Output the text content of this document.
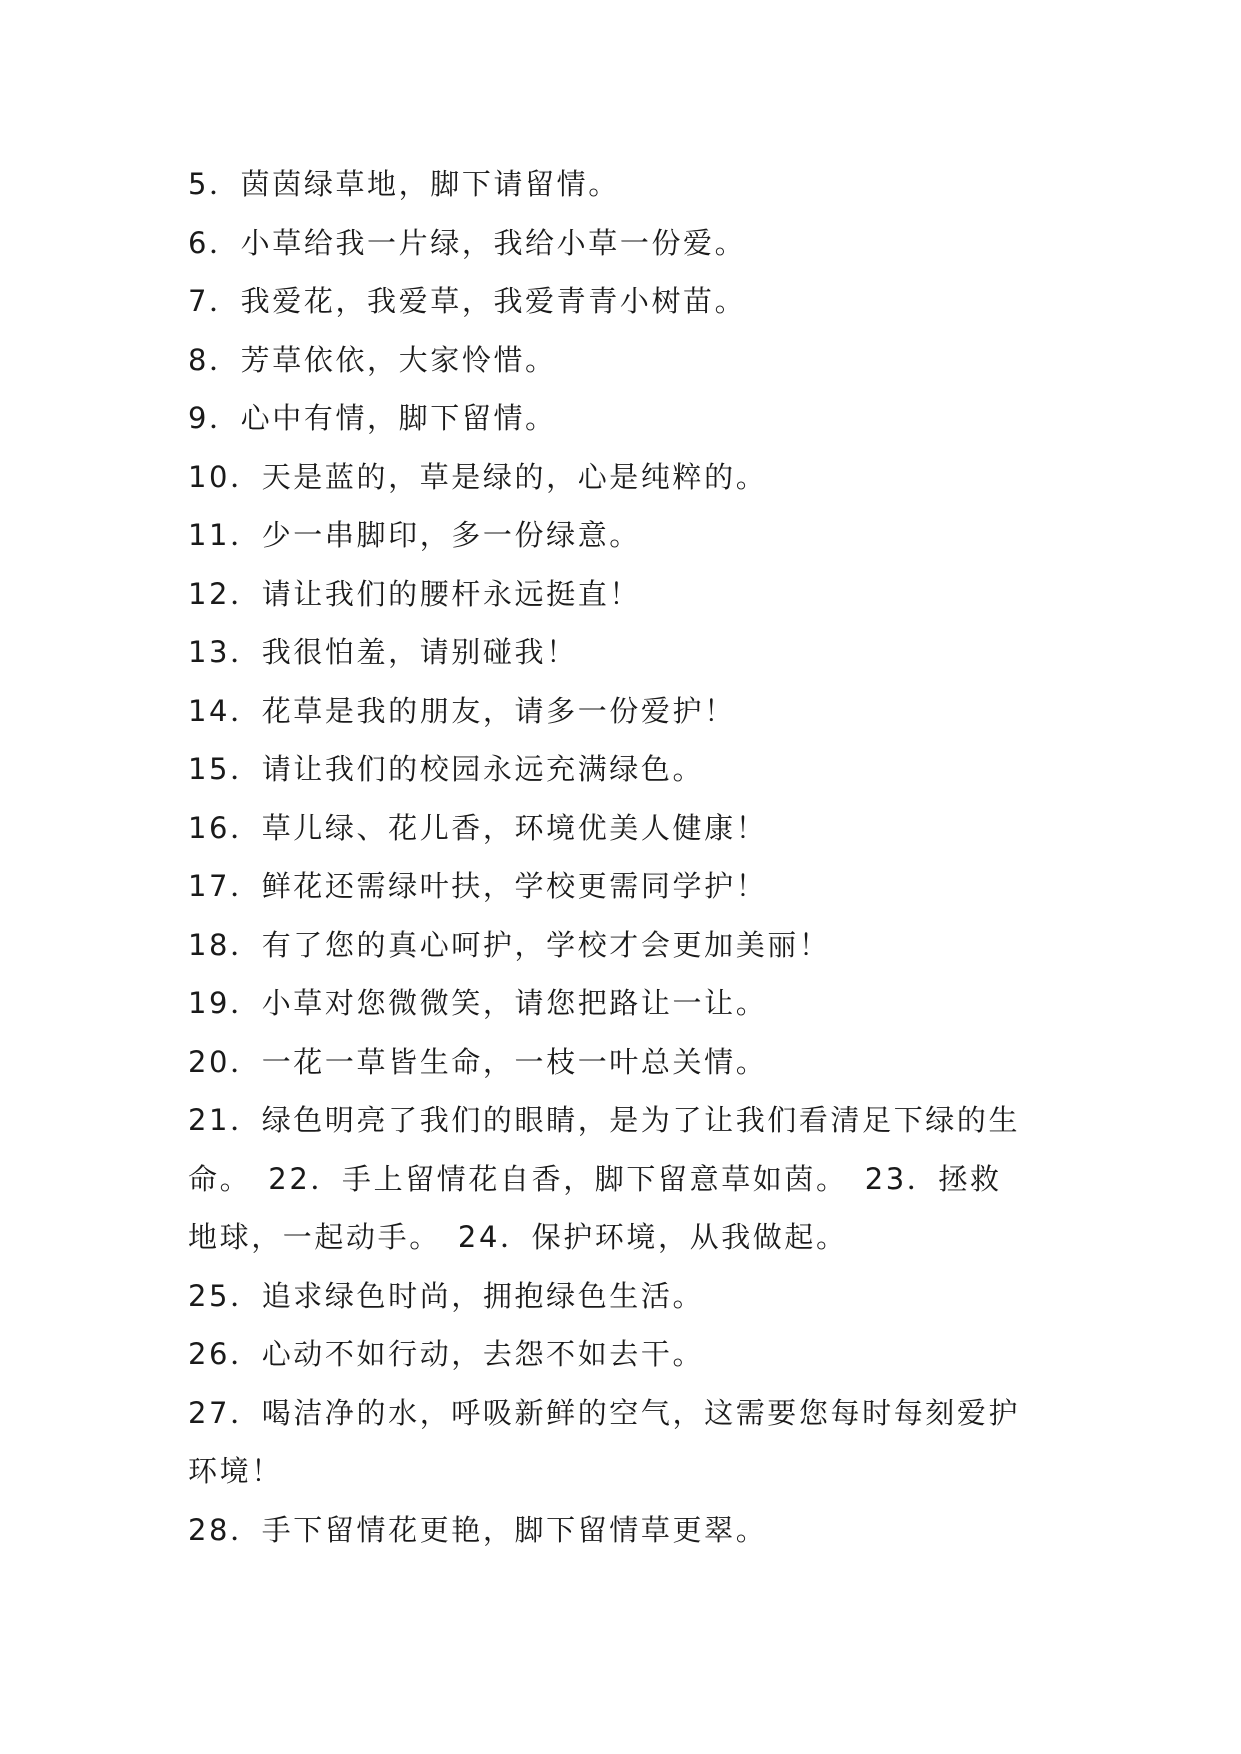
5．茵茵绿草地，脚下请留情。
6．小草给我一片绿，我给小草一份爱。
7．我爱花，我爱草，我爱青青小树苗。
8．芳草依依，大家怜惜。
9．心中有情，脚下留情。
10．天是蓝的，草是绿的，心是纯粹的。
11．少一串脚印，多一份绿意。
12．请让我们的腰杆永远挺直！
13．我很怕羞，请别碰我！
14．花草是我的朋友，请多一份爱护！
15．请让我们的校园永远充满绿色。
16．草儿绿、花儿香，环境优美人健康！
17．鲜花还需绿叶扶，学校更需同学护！
18．有了您的真心呵护，学校才会更加美丽！
19．小草对您微微笑，请您把路让一让。
20．一花一草皆生命，一枝一叶总关情。
21．绿色明亮了我们的眼睛，是为了让我们看清足下绿的生
命。　22．手上留情花自香，脚下留意草如茵。　23．拯救
地球，一起动手。　24．保护环境，从我做起。
25．追求绿色时尚，拥抱绿色生活。
26．心动不如行动，去怨不如去干。
27．喝洁净的水，呼吸新鲜的空气，这需要您每时每刻爱护
环境！
28．手下留情花更艳，脚下留情草更翠。
